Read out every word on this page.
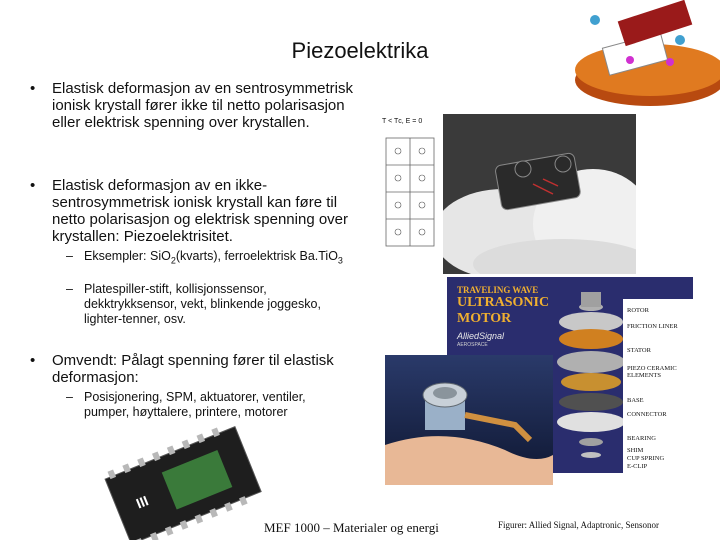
Piezoelektrika
• Elastisk deformasjon av en sentrosymmetrisk ionisk krystall fører ikke til netto polarisasjon eller elektrisk spenning over krystallen.
• Elastisk deformasjon av en ikke-sentrosymmetrisk ionisk krystall kan føre til netto polarisasjon og elektrisk spenning over krystallen: Piezoelektrisitet.
– Eksempler: SiO$_2$(kvarts), ferroelektrisk Ba.TiO$_3$
– Platespiller-stift, kollisjonssensor, dekktrykksensor, vekt, blinkende joggesko, lighter-tenner, osv.
• Omvendt: Pålagt spenning fører til elastisk deformasjon:
– Posisjonering, SPM, aktuatorer, ventiler, pumper, høyttalere, printere, motorer
T < Tᴄ, E = 0
TRAVELING WAVE
ULTRASONIC
MOTOR
AlliedSignal
AEROSPACE
ROTOR
FRICTION LINER
STATOR
PIEZO CERAMIC ELEMENTS
BASE
CONNECTOR
BEARING
SHIM
CUP SPRING
E-CLIP
III
MEF 1000 – Materialer og energi	Figurer: Allied Signal, Adaptronic, Sensonor
